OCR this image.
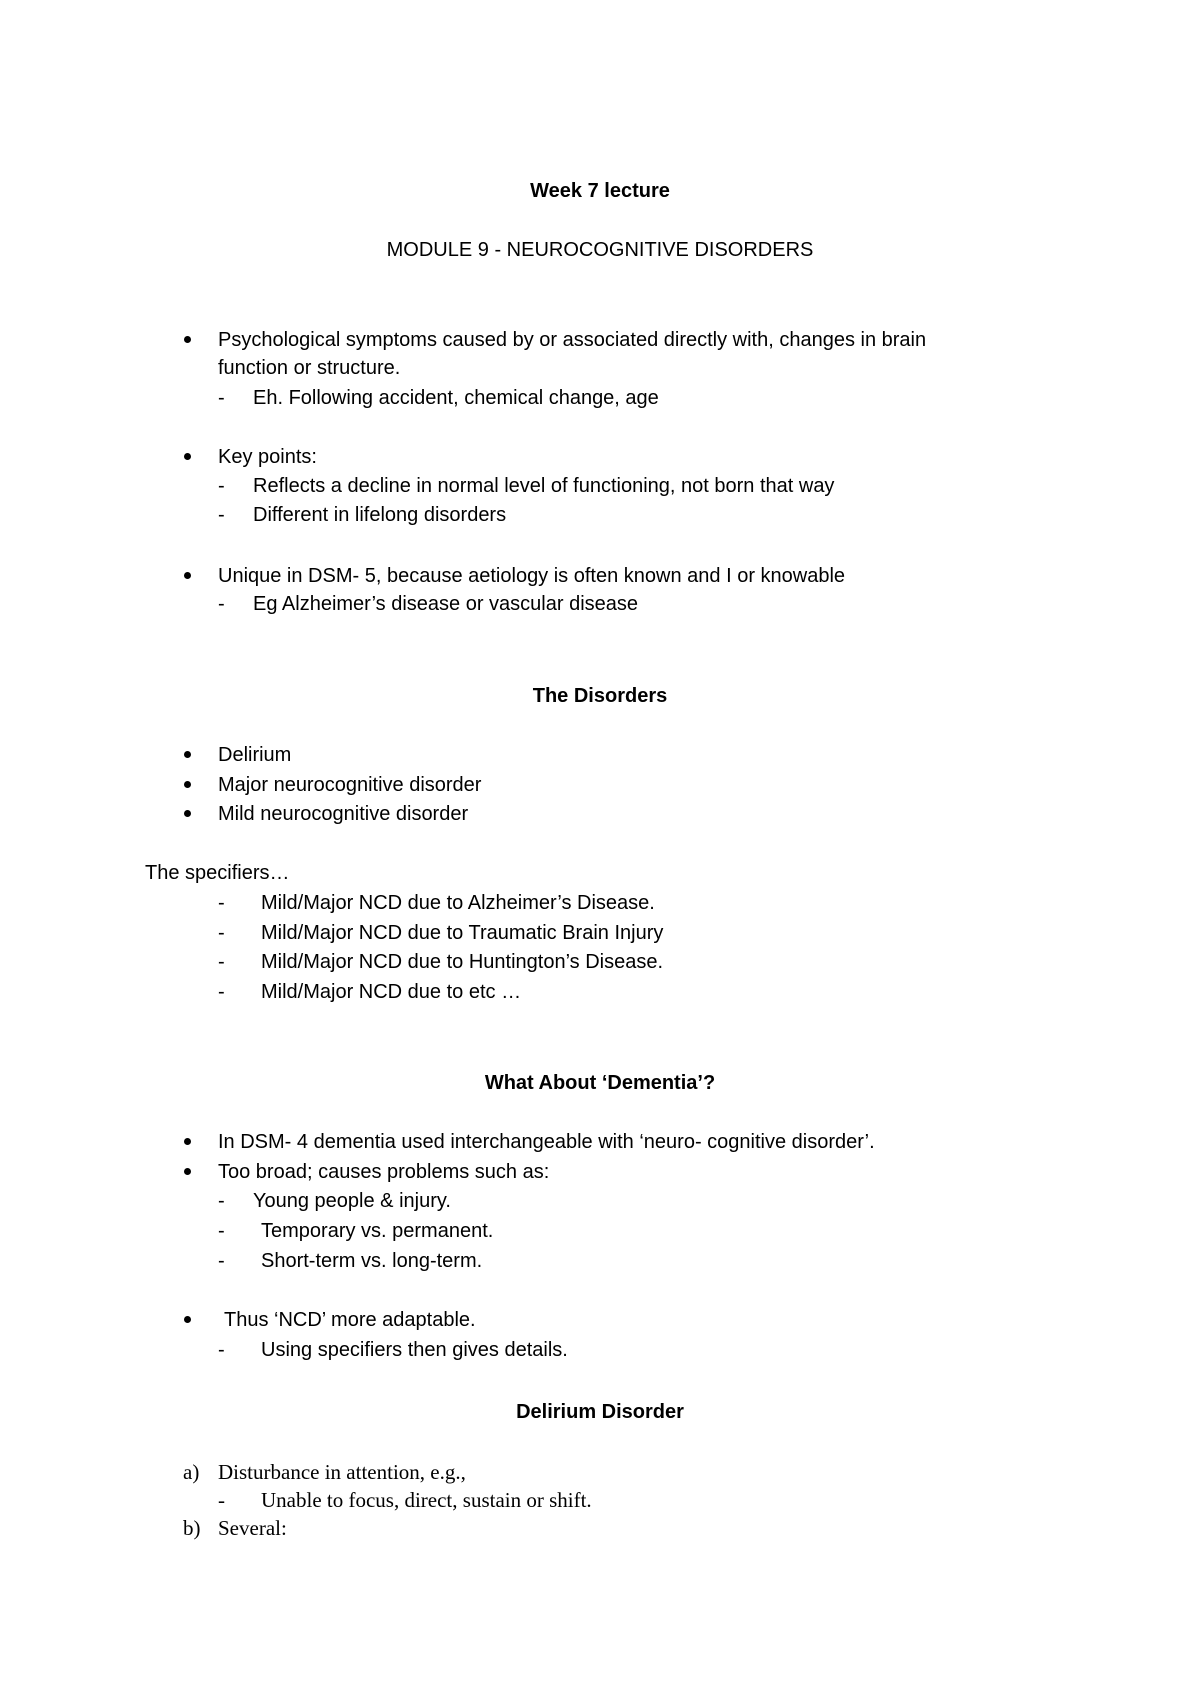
Week 7 lecture
MODULE 9 - NEUROCOGNITIVE DISORDERS
Psychological symptoms caused by or associated directly with, changes in brain
function or structure.
- Eh. Following accident, chemical change, age
Key points:
- Reflects a decline in normal level of functioning, not born that way
- Different in lifelong disorders
Unique in DSM- 5, because aetiology is often known and I or knowable
- Eg Alzheimer’s disease or vascular disease
The Disorders
Delirium
Major neurocognitive disorder
Mild neurocognitive disorder
The specifiers…
- Mild/Major NCD due to Alzheimer’s Disease.
- Mild/Major NCD due to Traumatic Brain Injury
- Mild/Major NCD due to Huntington’s Disease.
- Mild/Major NCD due to etc …
What About ‘Dementia’?
In DSM- 4 dementia used interchangeable with ‘neuro- cognitive disorder’.
Too broad; causes problems such as:
- Young people & injury.
- Temporary vs. permanent.
- Short-term vs. long-term.
Thus ‘NCD’ more adaptable.
- Using specifiers then gives details.
Delirium Disorder
a) Disturbance in attention, e.g.,
- Unable to focus, direct, sustain or shift.
b) Several:
